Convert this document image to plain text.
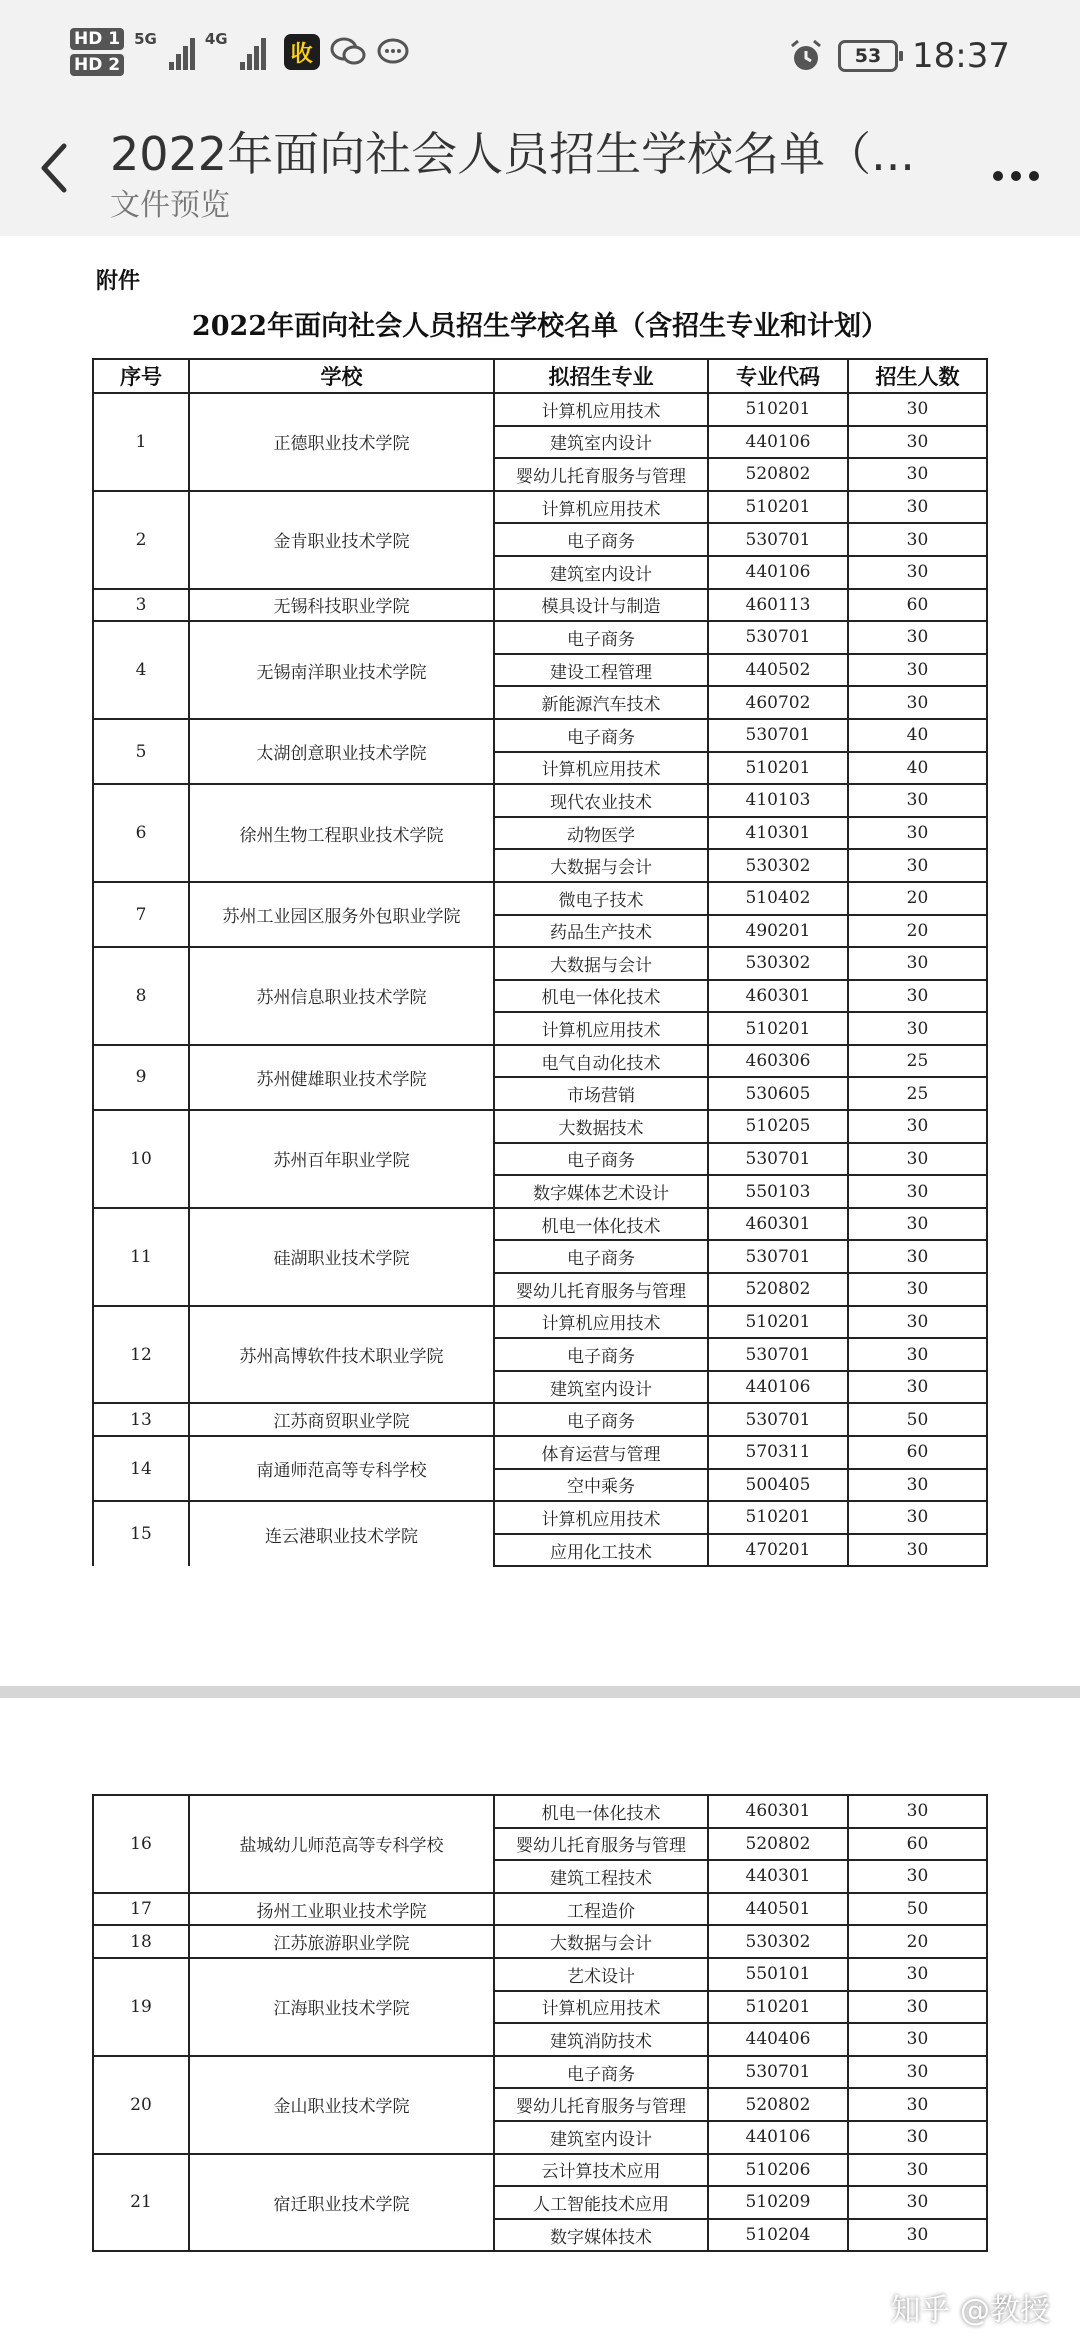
HD 1
HD 2
5G	4G
收	53 18:37
2022年面向社会人员招生学校名单（...
文件预览
附件
2022年面向社会人员招生学校名单（含招生专业和计划）
序号	学校	拟招生专业	专业代码	招生人数
1	正德职业技术学院	计算机应用技术	510201	30
		建筑室内设计	440106	30
		婴幼儿托育服务与管理	520802	30
2	金肯职业技术学院	计算机应用技术	510201	30
		电子商务	530701	30
		建筑室内设计	440106	30
3	无锡科技职业学院	模具设计与制造	460113	60
4	无锡南洋职业技术学院	电子商务	530701	30
		建设工程管理	440502	30
		新能源汽车技术	460702	30
5	太湖创意职业技术学院	电子商务	530701	40
		计算机应用技术	510201	40
6	徐州生物工程职业技术学院	现代农业技术	410103	30
		动物医学	410301	30
		大数据与会计	530302	30
7	苏州工业园区服务外包职业学院	微电子技术	510402	20
		药品生产技术	490201	20
8	苏州信息职业技术学院	大数据与会计	530302	30
		机电一体化技术	460301	30
		计算机应用技术	510201	30
9	苏州健雄职业技术学院	电气自动化技术	460306	25
		市场营销	530605	25
10	苏州百年职业学院	大数据技术	510205	30
		电子商务	530701	30
		数字媒体艺术设计	550103	30
11	硅湖职业技术学院	机电一体化技术	460301	30
		电子商务	530701	30
		婴幼儿托育服务与管理	520802	30
12	苏州高博软件技术职业学院	计算机应用技术	510201	30
		电子商务	530701	30
		建筑室内设计	440106	30
13	江苏商贸职业学院	电子商务	530701	50
14	南通师范高等专科学校	体育运营与管理	570311	60
		空中乘务	500405	30
15	连云港职业技术学院	计算机应用技术	510201	30
		应用化工技术	470201	30
16	盐城幼儿师范高等专科学校	机电一体化技术	460301	30
		婴幼儿托育服务与管理	520802	60
		建筑工程技术	440301	30
17	扬州工业职业技术学院	工程造价	440501	50
18	江苏旅游职业学院	大数据与会计	530302	20
19	江海职业技术学院	艺术设计	550101	30
		计算机应用技术	510201	30
		建筑消防技术	440406	30
20	金山职业技术学院	电子商务	530701	30
		婴幼儿托育服务与管理	520802	30
		建筑室内设计	440106	30
21	宿迁职业技术学院	云计算技术应用	510206	30
		人工智能技术应用	510209	30
		数字媒体技术	510204	30
知乎 @教授
